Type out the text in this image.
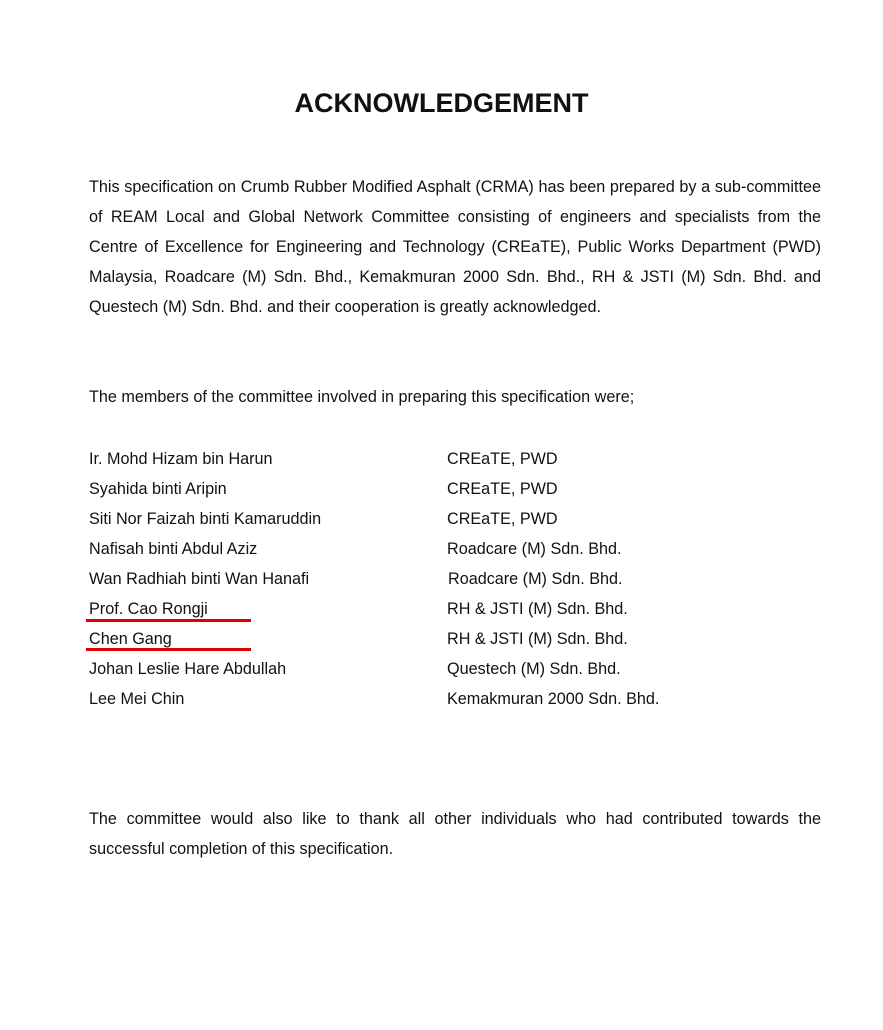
ACKNOWLEDGEMENT
This specification on Crumb Rubber Modified Asphalt (CRMA) has been prepared by a sub-committee of REAM Local and Global Network Committee consisting of engineers and specialists from the Centre of Excellence for Engineering and Technology (CREaTE), Public Works Department (PWD) Malaysia, Roadcare (M) Sdn. Bhd., Kemakmuran 2000 Sdn. Bhd., RH & JSTI (M) Sdn. Bhd. and Questech (M) Sdn. Bhd. and their cooperation is greatly acknowledged.
The members of the committee involved in preparing this specification were;
Ir. Mohd Hizam bin Harun	CREaTE, PWD
Syahida binti Aripin	CREaTE, PWD
Siti Nor Faizah binti Kamaruddin	CREaTE, PWD
Nafisah binti Abdul Aziz	Roadcare (M) Sdn. Bhd.
Wan Radhiah binti Wan Hanafi	Roadcare (M) Sdn. Bhd.
Prof. Cao Rongji	RH & JSTI (M) Sdn. Bhd.
Chen Gang	RH & JSTI (M) Sdn. Bhd.
Johan Leslie Hare Abdullah	Questech (M) Sdn. Bhd.
Lee Mei Chin	Kemakmuran 2000 Sdn. Bhd.
The committee would also like to thank all other individuals who had contributed towards the successful completion of this specification.
